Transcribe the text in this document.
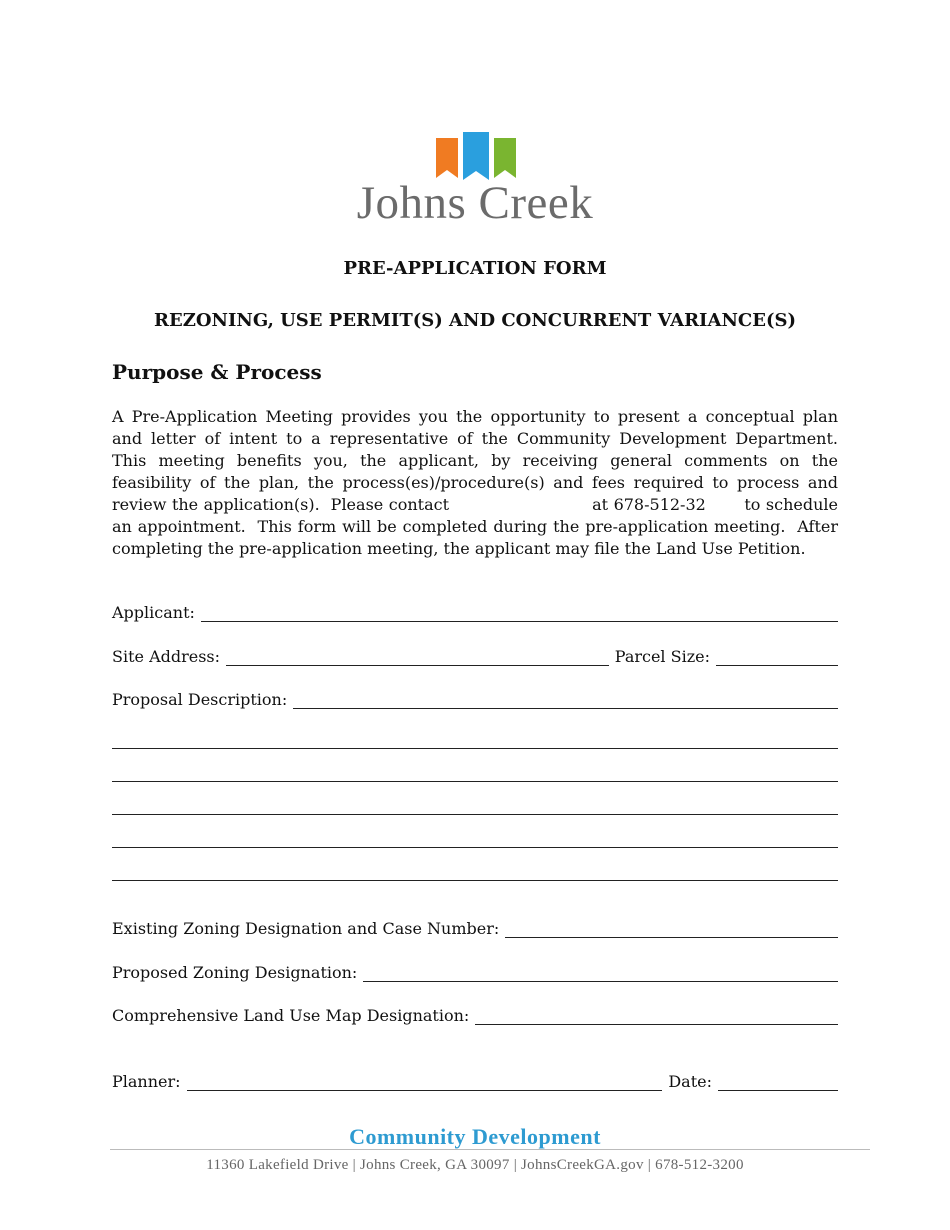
Johns Creek
PRE-APPLICATION FORM
REZONING, USE PERMIT(S) AND CONCURRENT VARIANCE(S)
Purpose & Process
A Pre-Application Meeting provides you the opportunity to present a conceptual plan and letter of intent to a representative of the Community Development Department.  This meeting benefits you, the applicant, by receiving general comments on the feasibility of the plan, the process(es)/procedure(s) and fees required to process and review the application(s).  Please contact                          at 678-512-32       to schedule an appointment.  This form will be completed during the pre-application meeting.  After completing the pre-application meeting, the applicant may file the Land Use Petition.
Applicant:
Site Address:	Parcel Size:
Proposal Description:
Existing Zoning Designation and Case Number:
Proposed Zoning Designation:
Comprehensive Land Use Map Designation:
Planner:	Date:
Community Development
11360 Lakefield Drive | Johns Creek, GA 30097 | JohnsCreekGA.gov | 678-512-3200
